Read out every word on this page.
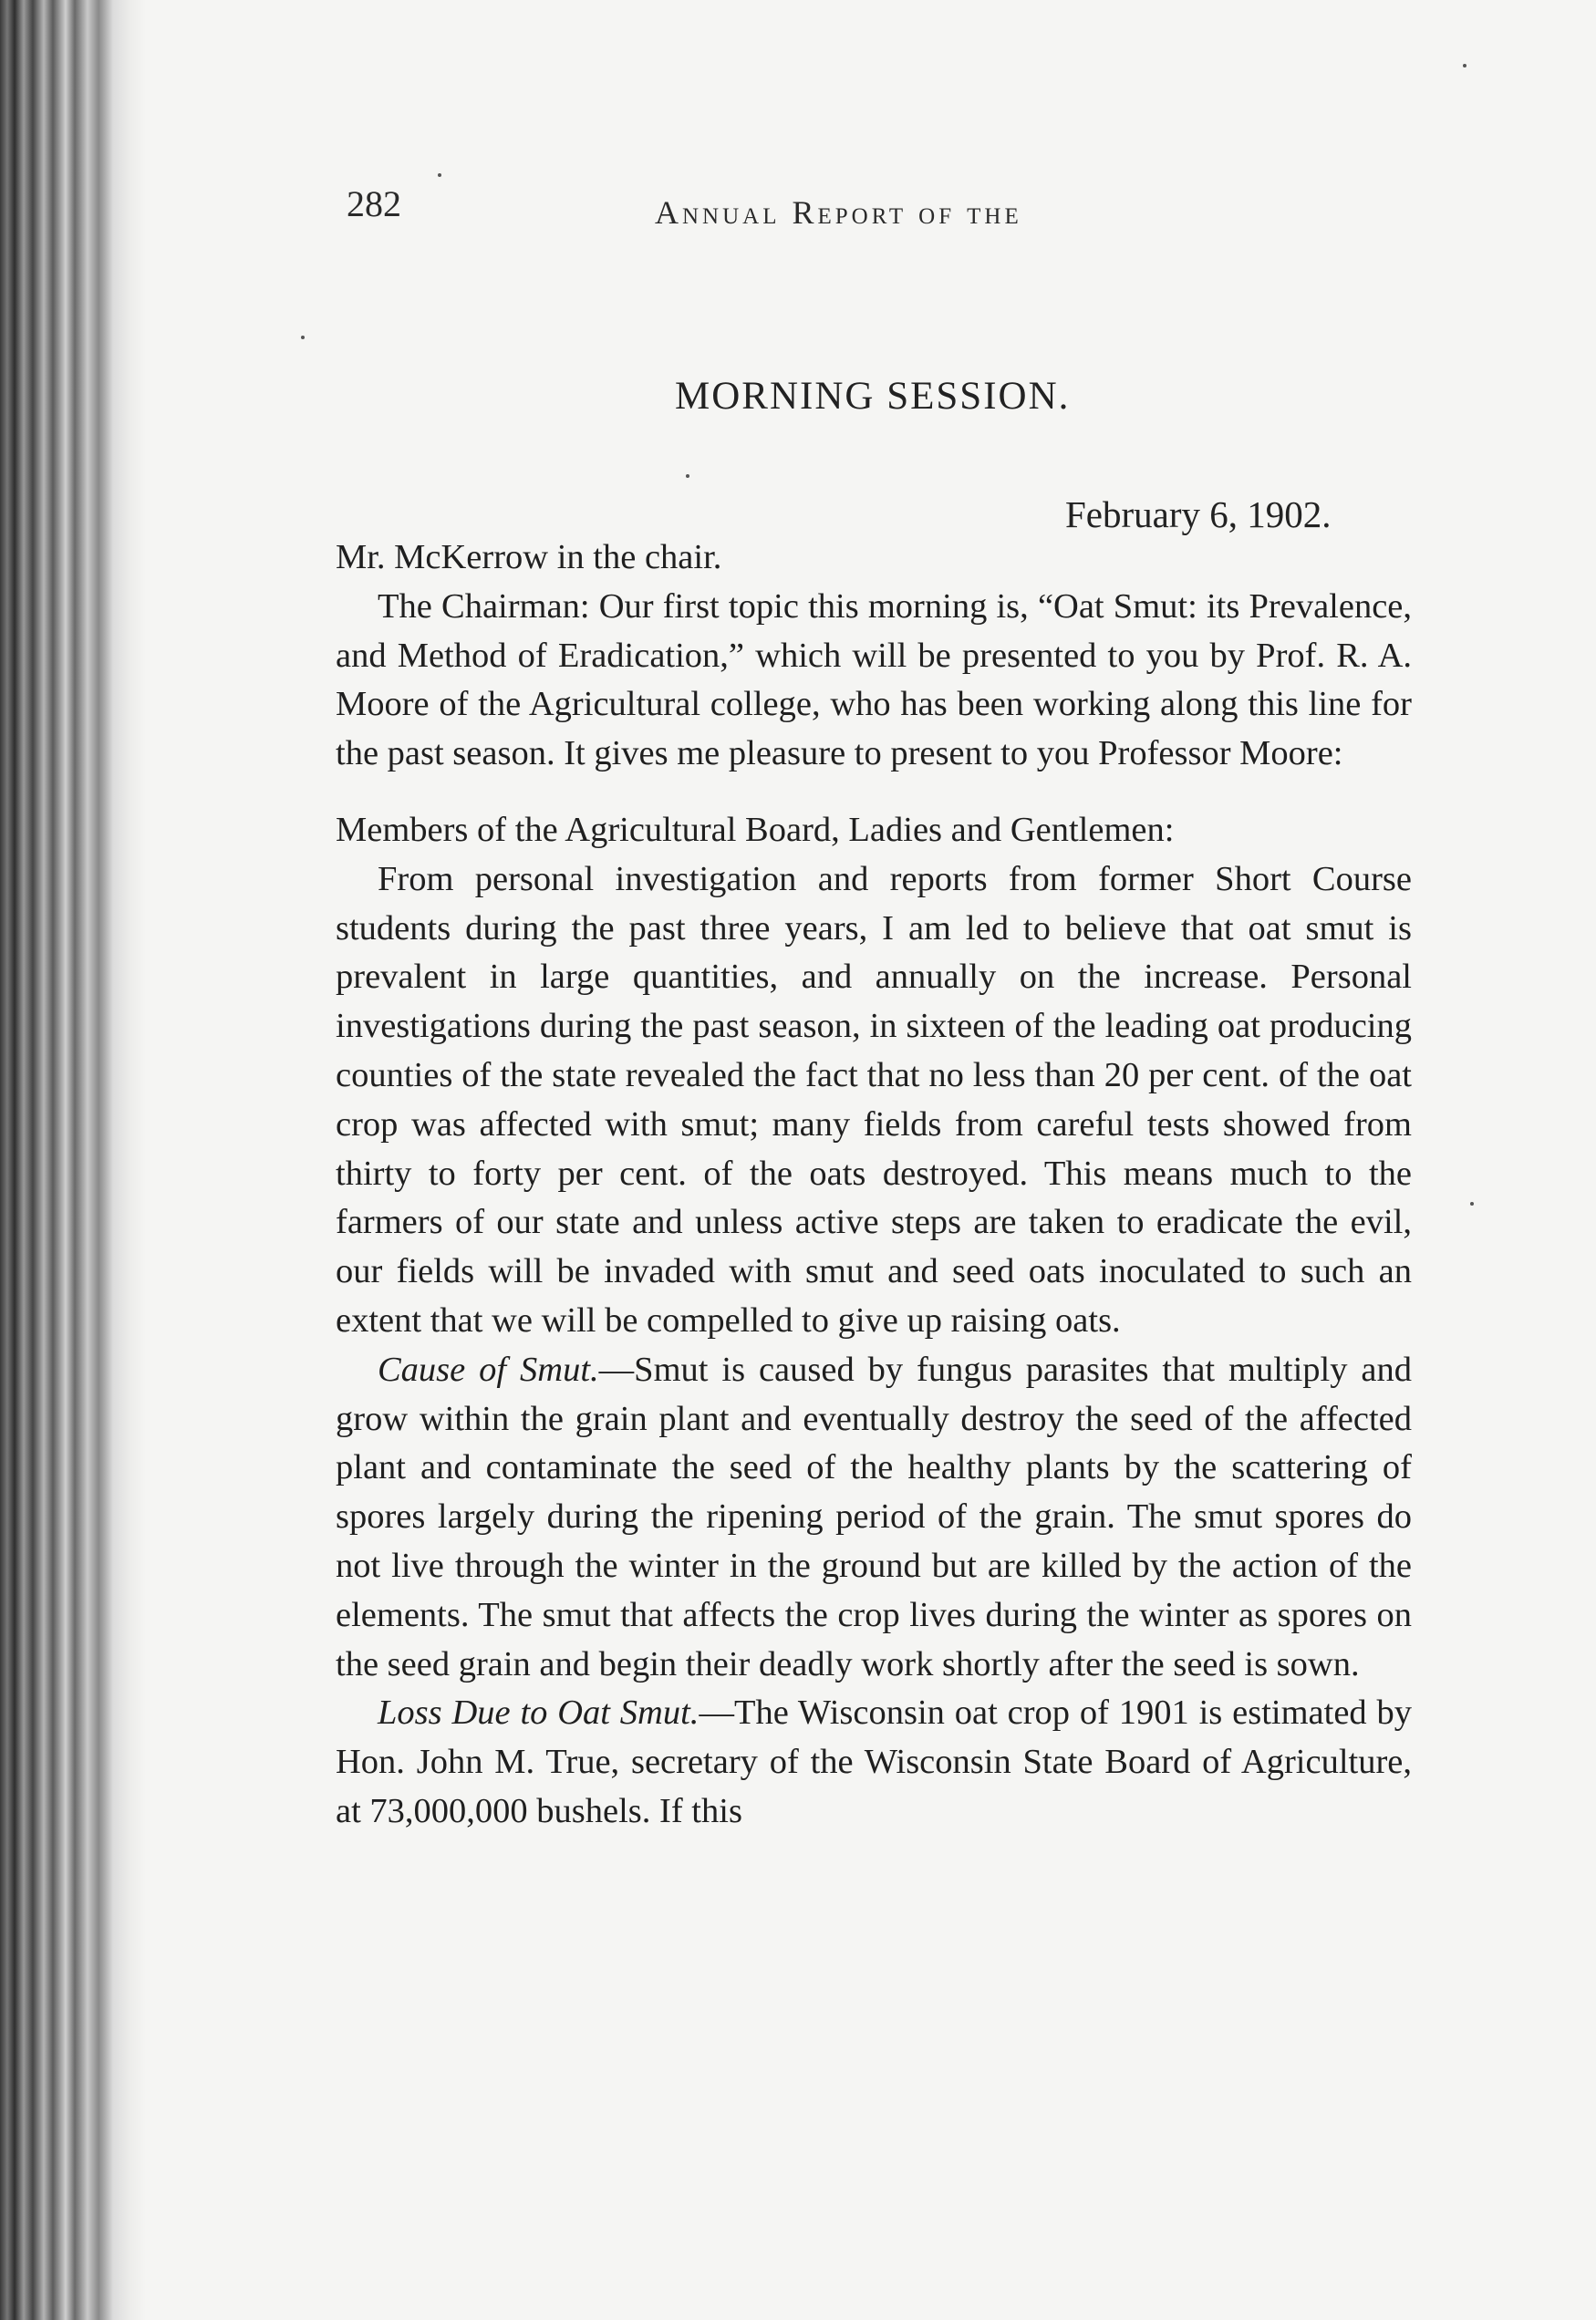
282	Annual Report of the
MORNING SESSION.
February 6, 1902.

Mr. McKerrow in the chair.

The Chairman: Our first topic this morning is, “Oat Smut: its Prevalence, and Method of Eradication,” which will be presented to you by Prof. R. A. Moore of the Agricultural college, who has been working along this line for the past season. It gives me pleasure to present to you Professor Moore:

Members of the Agricultural Board, Ladies and Gentlemen:

From personal investigation and reports from former Short Course students during the past three years, I am led to believe that oat smut is prevalent in large quantities, and annually on the increase. Personal investigations during the past season, in sixteen of the leading oat producing counties of the state revealed the fact that no less than 20 per cent. of the oat crop was affected with smut; many fields from careful tests showed from thirty to forty per cent. of the oats destroyed. This means much to the farmers of our state and unless active steps are taken to eradicate the evil, our fields will be invaded with smut and seed oats inoculated to such an extent that we will be compelled to give up raising oats.

Cause of Smut.—Smut is caused by fungus parasites that multiply and grow within the grain plant and eventually destroy the seed of the affected plant and contaminate the seed of the healthy plants by the scattering of spores largely during the ripening period of the grain. The smut spores do not live through the winter in the ground but are killed by the action of the elements. The smut that affects the crop lives during the winter as spores on the seed grain and begin their deadly work shortly after the seed is sown.

Loss Due to Oat Smut.—The Wisconsin oat crop of 1901 is estimated by Hon. John M. True, secretary of the Wisconsin State Board of Agriculture, at 73,000,000 bushels. If this
